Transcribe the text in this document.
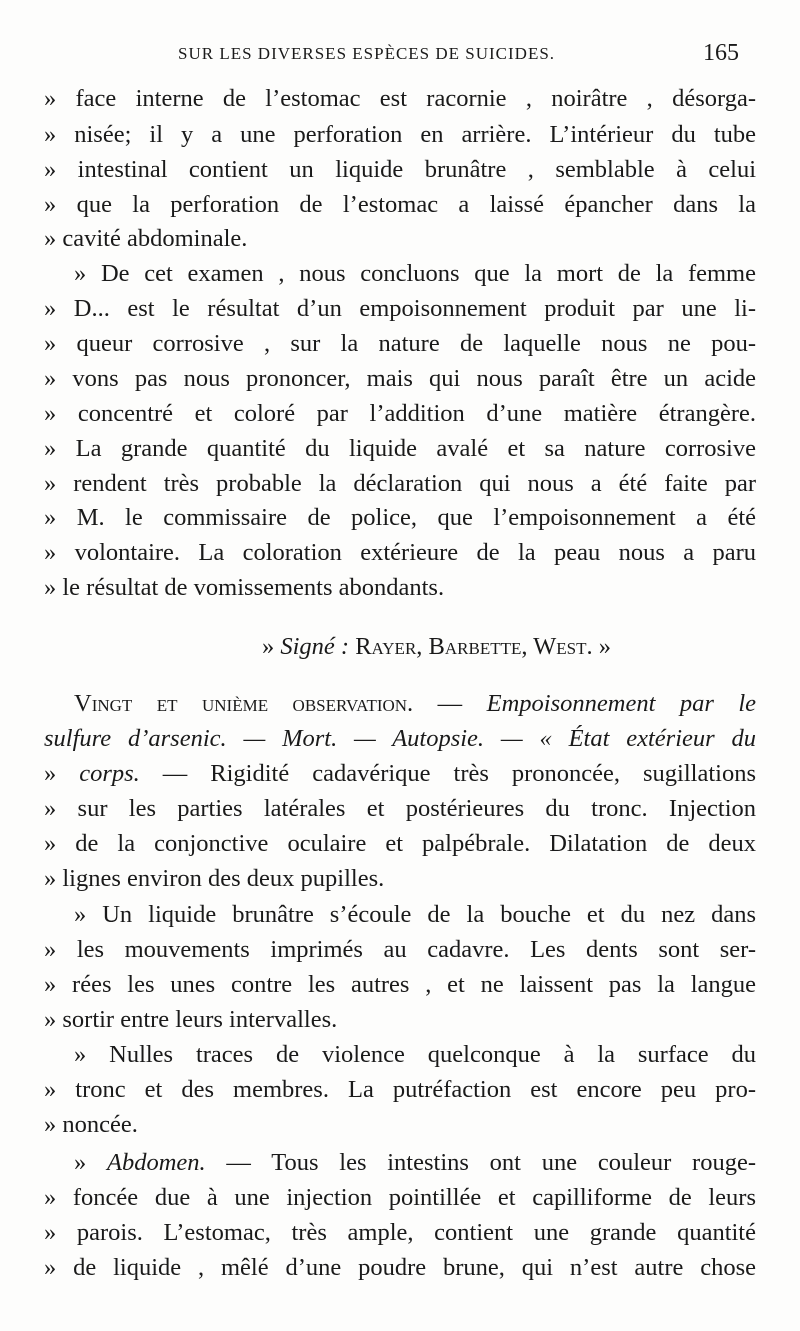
SUR LES DIVERSES ESPÈCES DE SUICIDES.	165
» face interne de l’estomac est racornie , noirâtre , désorga-
» nisée; il y a une perforation en arrière. L’intérieur du tube
» intestinal contient un liquide brunâtre , semblable à celui
» que la perforation de l’estomac a laissé épancher dans la
» cavité abdominale.
» De cet examen , nous concluons que la mort de la femme
» D... est le résultat d’un empoisonnement produit par une li-
» queur corrosive , sur la nature de laquelle nous ne pou-
» vons pas nous prononcer, mais qui nous paraît être un acide
» concentré et coloré par l’addition d’une matière étrangère.
» La grande quantité du liquide avalé et sa nature corrosive
» rendent très probable la déclaration qui nous a été faite par
» M. le commissaire de police, que l’empoisonnement a été
» volontaire. La coloration extérieure de la peau nous a paru
» le résultat de vomissements abondants.
» Signé : Rayer, Barbette, West. »
Vingt et unième observation. — Empoisonnement par le
sulfure d’arsenic. — Mort. — Autopsie. — « État extérieur du
» corps. — Rigidité cadavérique très prononcée, sugillations
» sur les parties latérales et postérieures du tronc. Injection
» de la conjonctive oculaire et palpébrale. Dilatation de deux
» lignes environ des deux pupilles.
» Un liquide brunâtre s’écoule de la bouche et du nez dans
» les mouvements imprimés au cadavre. Les dents sont ser-
» rées les unes contre les autres , et ne laissent pas la langue
» sortir entre leurs intervalles.
» Nulles traces de violence quelconque à la surface du
» tronc et des membres. La putréfaction est encore peu pro-
» noncée.
» Abdomen. — Tous les intestins ont une couleur rouge-
» foncée due à une injection pointillée et capilliforme de leurs
» parois. L’estomac, très ample, contient une grande quantité
» de liquide , mêlé d’une poudre brune, qui n’est autre chose
